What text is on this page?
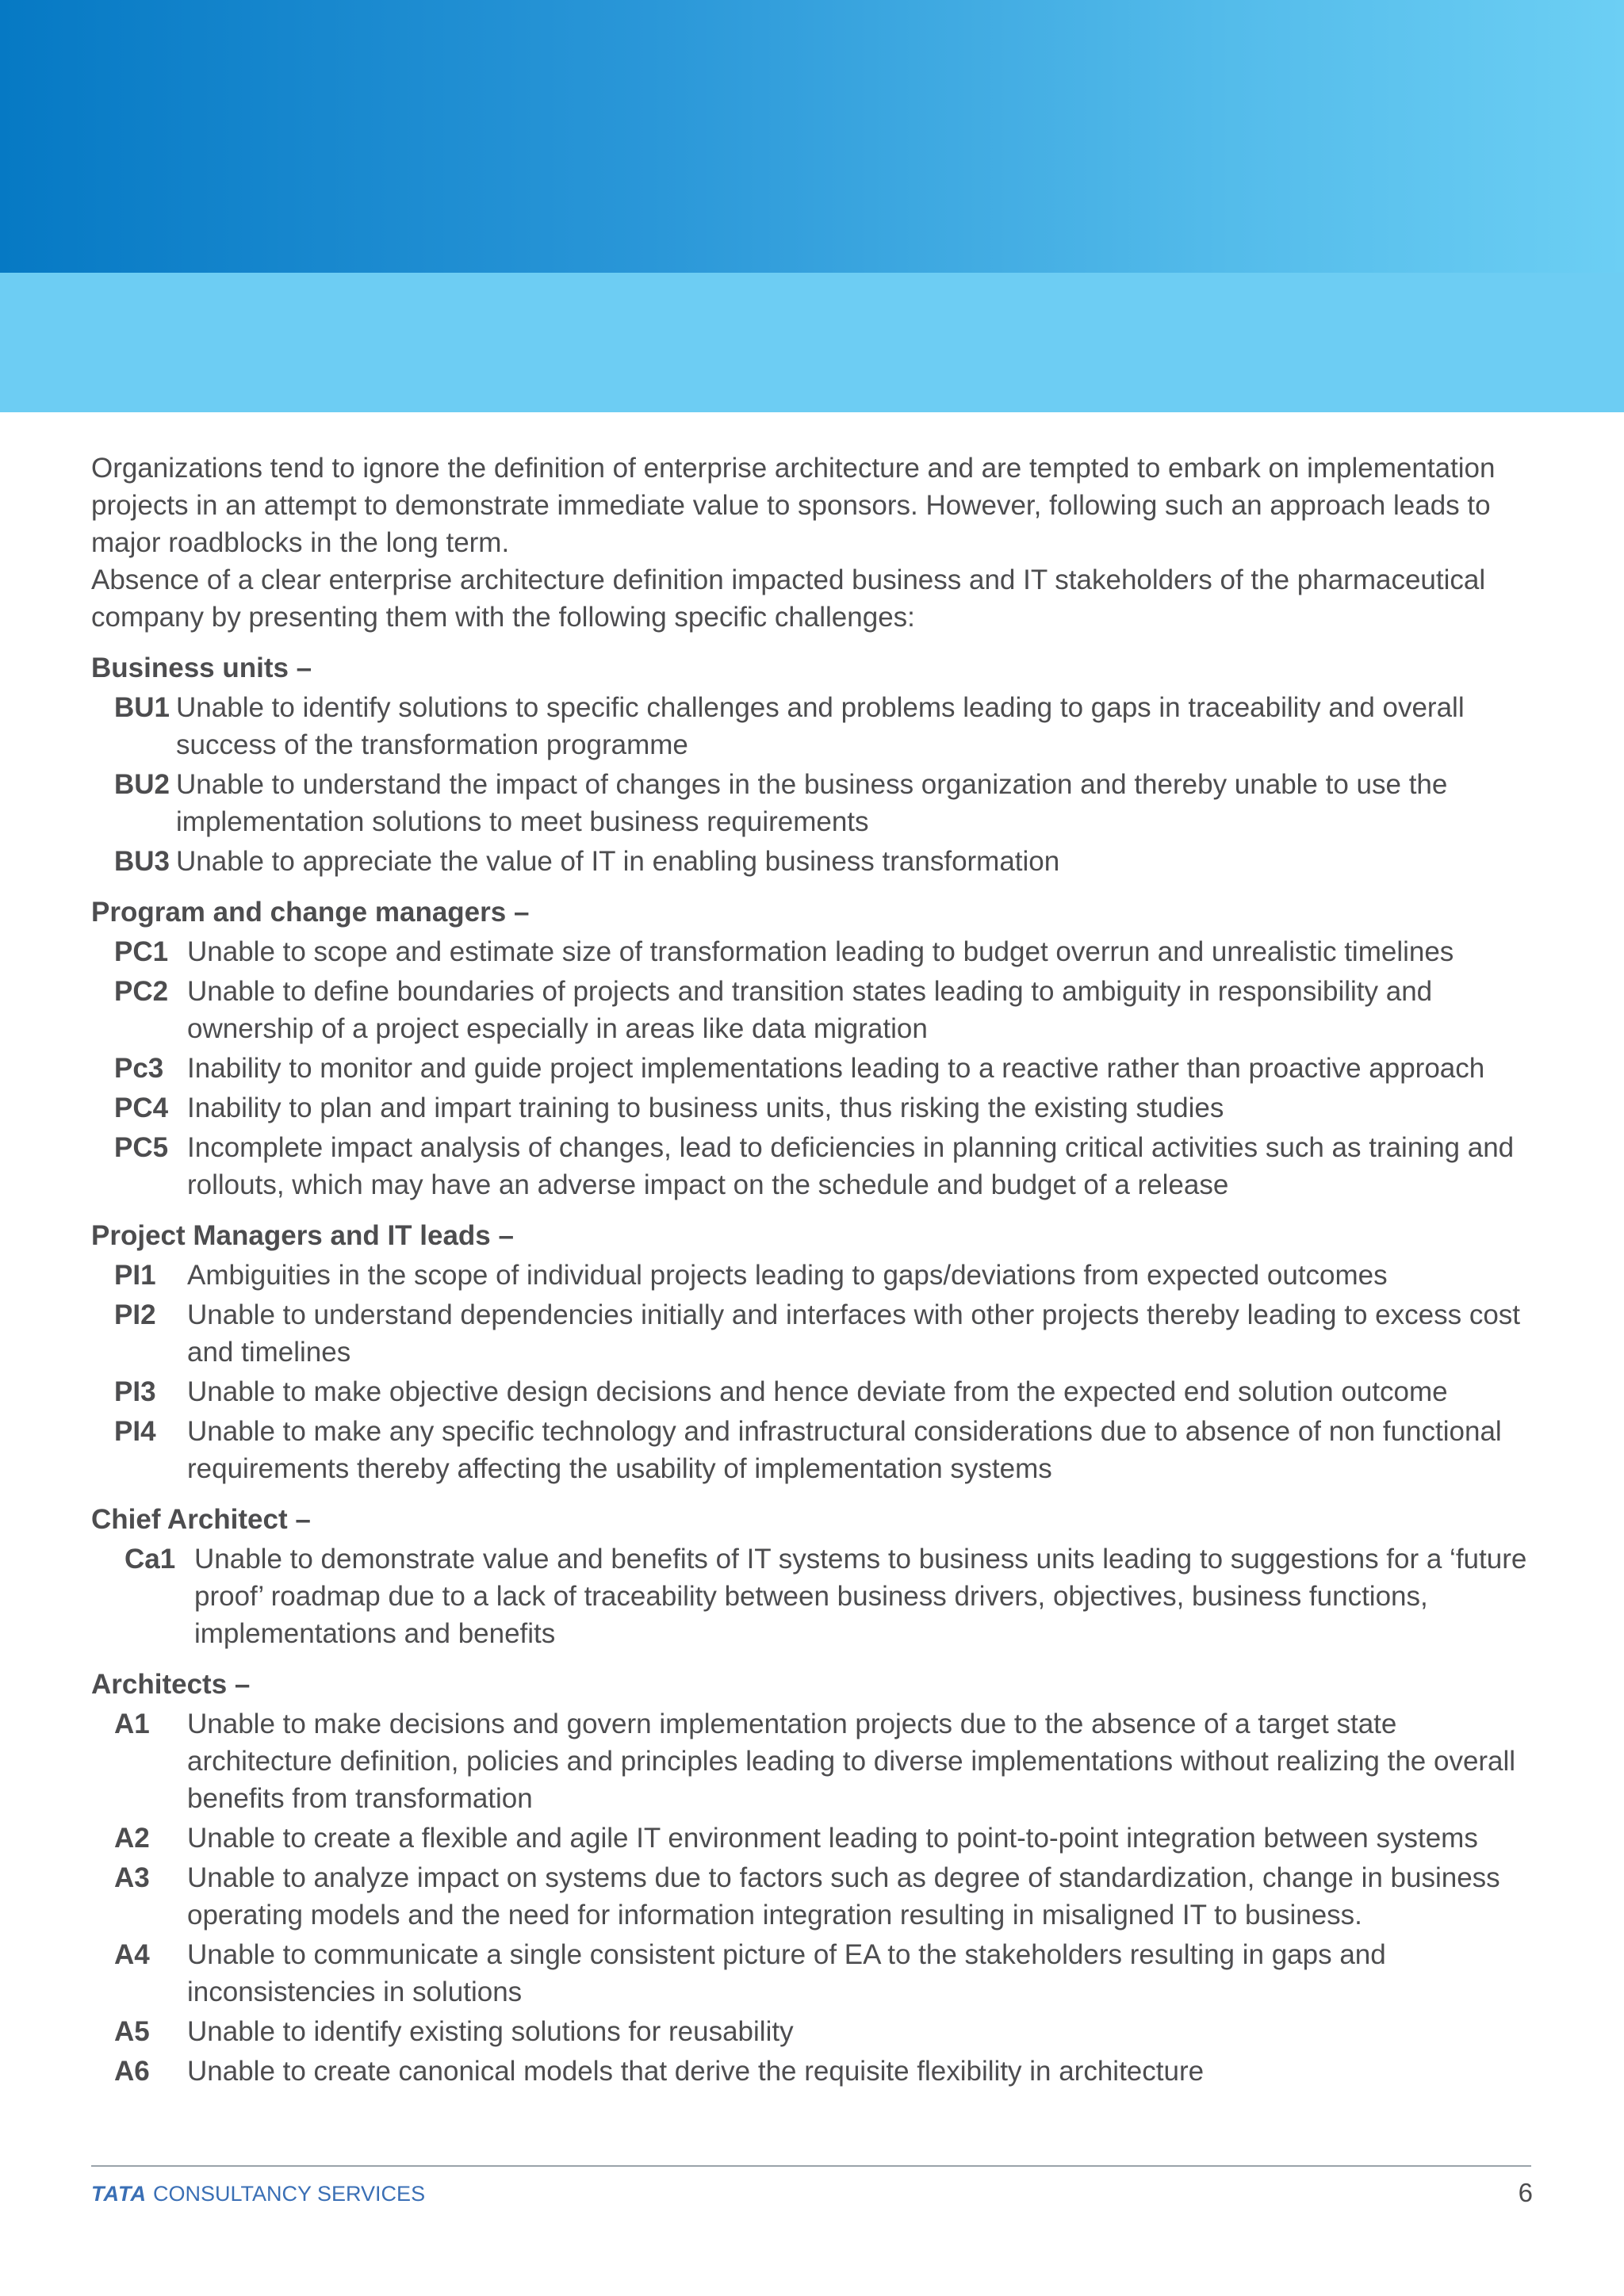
Organizations tend to ignore the definition of enterprise architecture and are tempted to embark on implementation projects in an attempt to demonstrate immediate value to sponsors. However, following such an approach leads to major roadblocks in the long term.

Absence of a clear enterprise architecture definition impacted business and IT stakeholders of the pharmaceutical company by presenting them with the following specific challenges:

Business units –
BU1 Unable to identify solutions to specific challenges and problems leading to gaps in traceability and overall success of the transformation programme
BU2 Unable to understand the impact of changes in the business organization and thereby unable to use the implementation solutions to meet business requirements
BU3 Unable to appreciate the value of IT in enabling business transformation
Program and change managers –
PC1 Unable to scope and estimate size of transformation leading to budget overrun and unrealistic timelines
PC2 Unable to define boundaries of projects and transition states leading to ambiguity in responsibility and ownership of a project especially in areas like data migration
Pc3 Inability to monitor and guide project implementations leading to a reactive rather than proactive approach
PC4 Inability to plan and impart training to business units, thus risking the existing studies
PC5 Incomplete impact analysis of changes, lead to deficiencies in planning critical activities such as training and rollouts, which may have an adverse impact on the schedule and budget of a release
Project Managers and IT leads –
PI1	Ambiguities in the scope of individual projects leading to gaps/deviations from expected outcomes
PI2	Unable to understand dependencies initially and interfaces with other projects thereby leading to excess cost and timelines
PI3	Unable to make objective design decisions and hence deviate from the expected end solution outcome
PI4	Unable to make any specific technology and infrastructural considerations due to absence of non functional requirements thereby affecting the usability of implementation systems
Chief Architect –
Ca1 Unable to demonstrate value and benefits of IT systems to business units leading to suggestions for a ‘future proof’ roadmap due to a lack of traceability between business drivers, objectives, business functions, implementations and benefits
Architects –
A1	Unable to make decisions and govern implementation projects due to the absence of a target state architecture definition, policies and principles leading to diverse implementations without realizing the overall benefits from transformation
A2	Unable to create a flexible and agile IT environment leading to point-to-point integration between systems
A3	Unable to analyze impact on systems due to factors such as degree of standardization, change in business operating models and the need for information integration resulting in misaligned IT to business.
A4	Unable to communicate a single consistent picture of EA to the stakeholders resulting in gaps and inconsistencies in solutions
A5	Unable to identify existing solutions for reusability
A6	Unable to create canonical models that derive the requisite flexibility in architecture
TATA CONSULTANCY SERVICES	6
